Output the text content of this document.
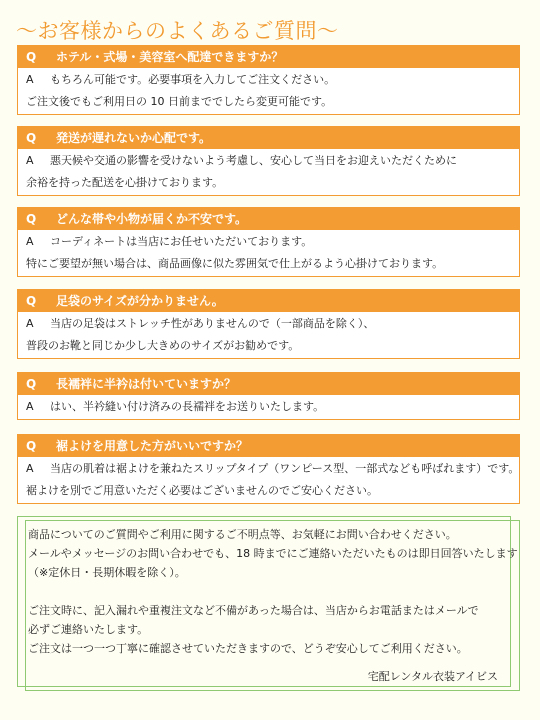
～お客様からのよくあるご質問～
Q ホテル・式場・美容室へ配達できますか？
A もちろん可能です。必要事項を入力してご注文ください。
ご注文後でもご利用日の 10 日前まででしたら変更可能です。
Q 発送が遅れないか心配です。
A 悪天候や交通の影響を受けないよう考慮し、安心して当日をお迎えいただくために
余裕を持った配送を心掛けております。
Q どんな帯や小物が届くか不安です。
A コーディネートは当店にお任せいただいております。
特にご要望が無い場合は、商品画像に似た雰囲気で仕上がるよう心掛けております。
Q 足袋のサイズが分かりません。
A 当店の足袋はストレッチ性がありませんので（一部商品を除く）、
普段のお靴と同じか少し大きめのサイズがお勧めです。
Q 長襦袢に半衿は付いていますか？
A はい、半衿縫い付け済みの長襦袢をお送りいたします。
Q 裾よけを用意した方がいいですか？
A 当店の肌着は裾よけを兼ねたスリップタイプ（ワンピース型、一部式なども呼ばれます）です。
裾よけを別でご用意いただく必要はございませんのでご安心ください。
商品についてのご質問やご利用に関するご不明点等、お気軽にお問い合わせください。
メールやメッセージのお問い合わせでも、18 時までにご連絡いただいたものは即日回答いたします
（※定休日・長期休暇を除く）。
ご注文時に、記入漏れや重複注文など不備があった場合は、当店からお電話またはメールで
必ずご連絡いたします。
ご注文は一つ一つ丁寧に確認させていただきますので、どうぞ安心してご利用ください。
宅配レンタル衣装アイビス
